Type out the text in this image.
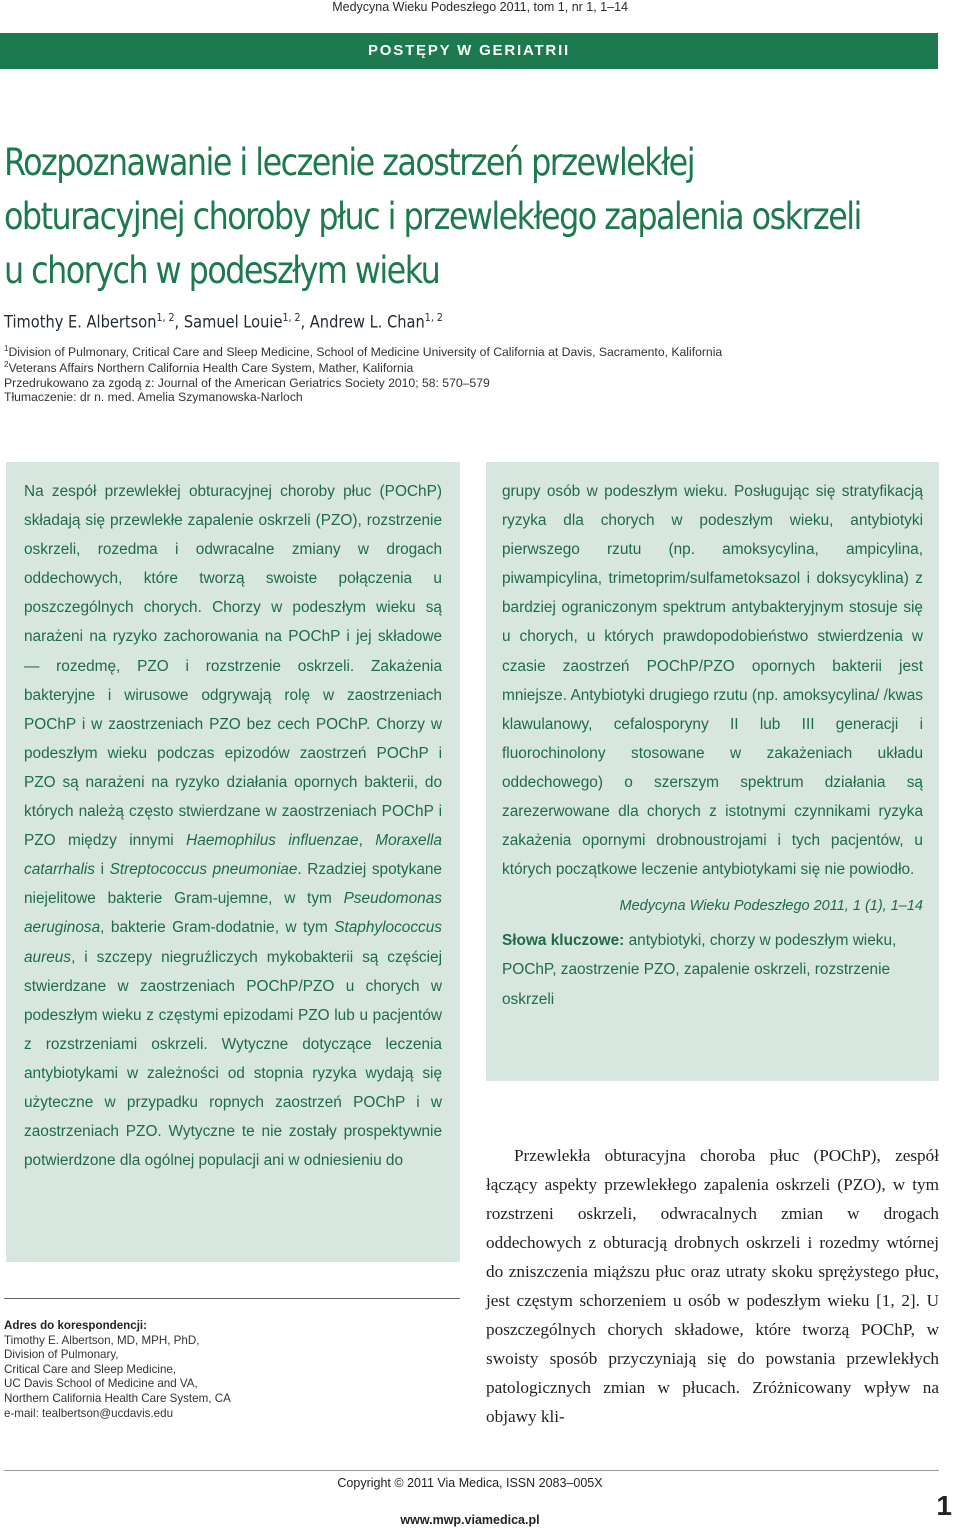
Medycyna Wieku Podeszłego 2011, tom 1, nr 1, 1–14
POSTĘPY W GERIATRII
Rozpoznawanie i leczenie zaostrzeń przewlekłej
obturacyjnej choroby płuc i przewlekłego zapalenia oskrzeli
u chorych w podeszłym wieku
Timothy E. Albertson$^{1, 2}$, Samuel Louie$^{1, 2}$, Andrew L. Chan$^{1, 2}$
$^1$Division of Pulmonary, Critical Care and Sleep Medicine, School of Medicine University of California at Davis, Sacramento, Kalifornia
$^2$Veterans Affairs Northern California Health Care System, Mather, Kalifornia
Przedrukowano za zgodą z: Journal of the American Geriatrics Society 2010; 58: 570–579
Tłumaczenie: dr n. med. Amelia Szymanowska-Narloch

Na zespół przewlekłej obturacyjnej choroby płuc (POChP) składają się przewlekłe zapalenie oskrzeli (PZO), rozstrzenie oskrzeli, rozedma i odwracalne zmiany w drogach oddechowych, które tworzą swoiste połączenia u poszczególnych chorych. Chorzy w podeszłym wieku są narażeni na ryzyko zachorowania na POChP i jej składowe — rozedmę, PZO i rozstrzenie oskrzeli. Zakażenia bakteryjne i wirusowe odgrywają rolę w zaostrzeniach POChP i w zaostrzeniach PZO bez cech POChP. Chorzy w podeszłym wieku podczas epizodów zaostrzeń POChP i PZO są narażeni na ryzyko działania opornych bakterii, do których należą często stwierdzane w zaostrzeniach POChP i PZO między innymi Haemophilus influenzae, Moraxella catarrhalis i Streptococcus pneumoniae. Rzadziej spotykane niejelitowe bakterie Gram-ujemne, w tym Pseudomonas aeruginosa, bakterie Gram-dodatnie, w tym Staphylococcus aureus, i szczepy niegruźliczych mykobakterii są częściej stwierdzane w zaostrzeniach POChP/PZO u chorych w podeszłym wieku z częstymi epizodami PZO lub u pacjentów z rozstrzeniami oskrzeli. Wytyczne dotyczące leczenia antybiotykami w zależności od stopnia ryzyka wydają się użyteczne w przypadku ropnych zaostrzeń POChP i w zaostrzeniach PZO. Wytyczne te nie zostały prospektywnie potwierdzone dla ogólnej populacji ani w odniesieniu do

grupy osób w podeszłym wieku. Posługując się stratyfikacją ryzyka dla chorych w podeszłym wieku, antybiotyki pierwszego rzutu (np. amoksycylina, ampicylina, piwampicylina, trimetoprim/sulfametoksazol i doksycyklina) z bardziej ograniczonym spektrum antybakteryjnym stosuje się u chorych, u których prawdopodobieństwo stwierdzenia w czasie zaostrzeń POChP/PZO opornych bakterii jest mniejsze. Antybiotyki drugiego rzutu (np. amoksycylina/ /kwas klawulanowy, cefalosporyny II lub III generacji i fluorochinolony stosowane w zakażeniach układu oddechowego) o szerszym spektrum działania są zarezerwowane dla chorych z istotnymi czynnikami ryzyka zakażenia opornymi drobnoustrojami i tych pacjentów, u których początkowe leczenie antybiotykami się nie powiodło.

Medycyna Wieku Podeszłego 2011, 1 (1), 1–14

Słowa kluczowe: antybiotyki, chorzy w podeszłym wieku, POChP, zaostrzenie PZO, zapalenie oskrzeli, rozstrzenie oskrzeli

Adres do korespondencji:
Timothy E. Albertson, MD, MPH, PhD,
Division of Pulmonary,
Critical Care and Sleep Medicine,
UC Davis School of Medicine and VA,
Northern California Health Care System, CA
e-mail: tealbertson@ucdavis.edu

Przewlekła obturacyjna choroba płuc (POChP), zespół łączący aspekty przewlekłego zapalenia oskrzeli (PZO), w tym rozstrzeni oskrzeli, odwracalnych zmian w drogach oddechowych z obturacją drobnych oskrzeli i rozedmy wtórnej do zniszczenia miąższu płuc oraz utraty skoku sprężystego płuc, jest częstym schorzeniem u osób w podeszłym wieku [1, 2]. U poszczególnych chorych składowe, które tworzą POChP, w swoisty sposób przyczyniają się do powstania przewlekłych patologicznych zmian w płucach. Zróżnicowany wpływ na objawy kli-

Copyright © 2011 Via Medica, ISSN 2083–005X
www.mwp.viamedica.pl	1
